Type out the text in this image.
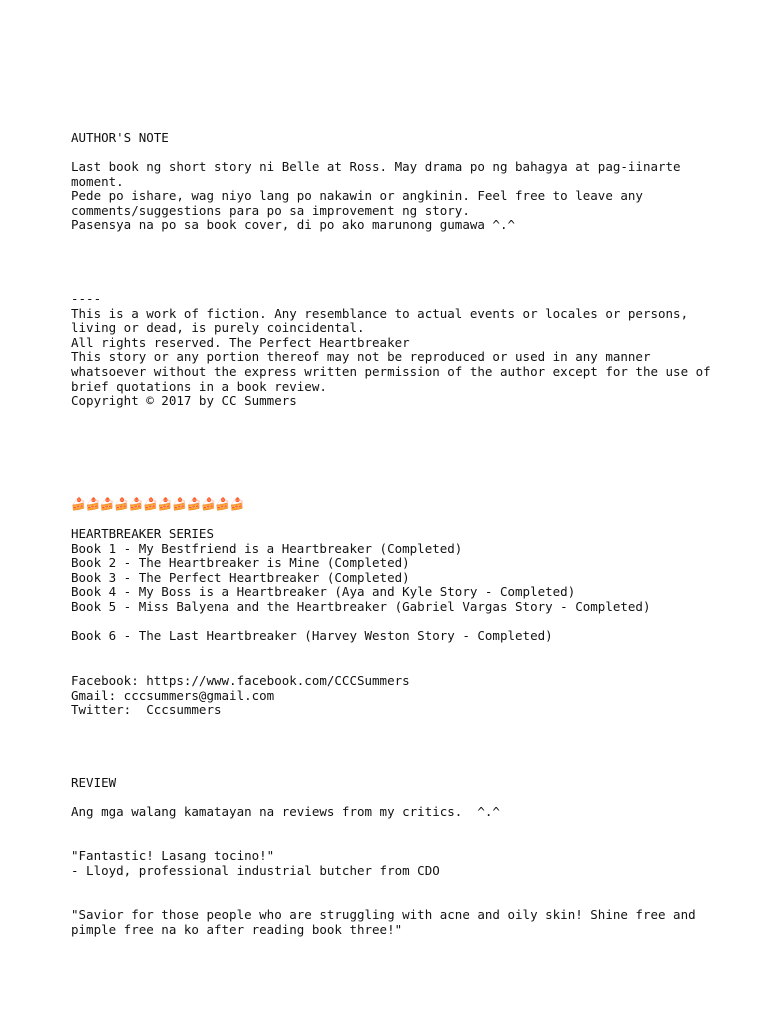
AUTHOR'S NOTE
Last book ng short story ni Belle at Ross. May drama po ng bahagya at pag-iinarte moment.
Pede po ishare, wag niyo lang po nakawin or angkinin. Feel free to leave any comments/suggestions para po sa improvement ng story.
Pasensya na po sa book cover, di po ako marunong gumawa ^.^
----
This is a work of fiction. Any resemblance to actual events or locales or persons, living or dead, is purely coincidental.
All rights reserved. The Perfect Heartbreaker
This story or any portion thereof may not be reproduced or used in any manner whatsoever without the express written permission of the author except for the use of brief quotations in a book review.
Copyright © 2017 by CC Summers
🍰🍰🍰🍰🍰🍰🍰🍰🍰🍰🍰🍰
HEARTBREAKER SERIES
Book 1 - My Bestfriend is a Heartbreaker (Completed)
Book 2 - The Heartbreaker is Mine (Completed)
Book 3 - The Perfect Heartbreaker (Completed)
Book 4 - My Boss is a Heartbreaker (Aya and Kyle Story - Completed)
Book 5 - Miss Balyena and the Heartbreaker (Gabriel Vargas Story - Completed)
Book 6 - The Last Heartbreaker (Harvey Weston Story - Completed)
Facebook: https://www.facebook.com/CCCSummers
Gmail: cccsummers@gmail.com
Twitter:  Cccsummers
REVIEW
Ang mga walang kamatayan na reviews from my critics.  ^.^
"Fantastic! Lasang tocino!"
- Lloyd, professional industrial butcher from CDO
"Savior for those people who are struggling with acne and oily skin! Shine free and pimple free na ko after reading book three!"
